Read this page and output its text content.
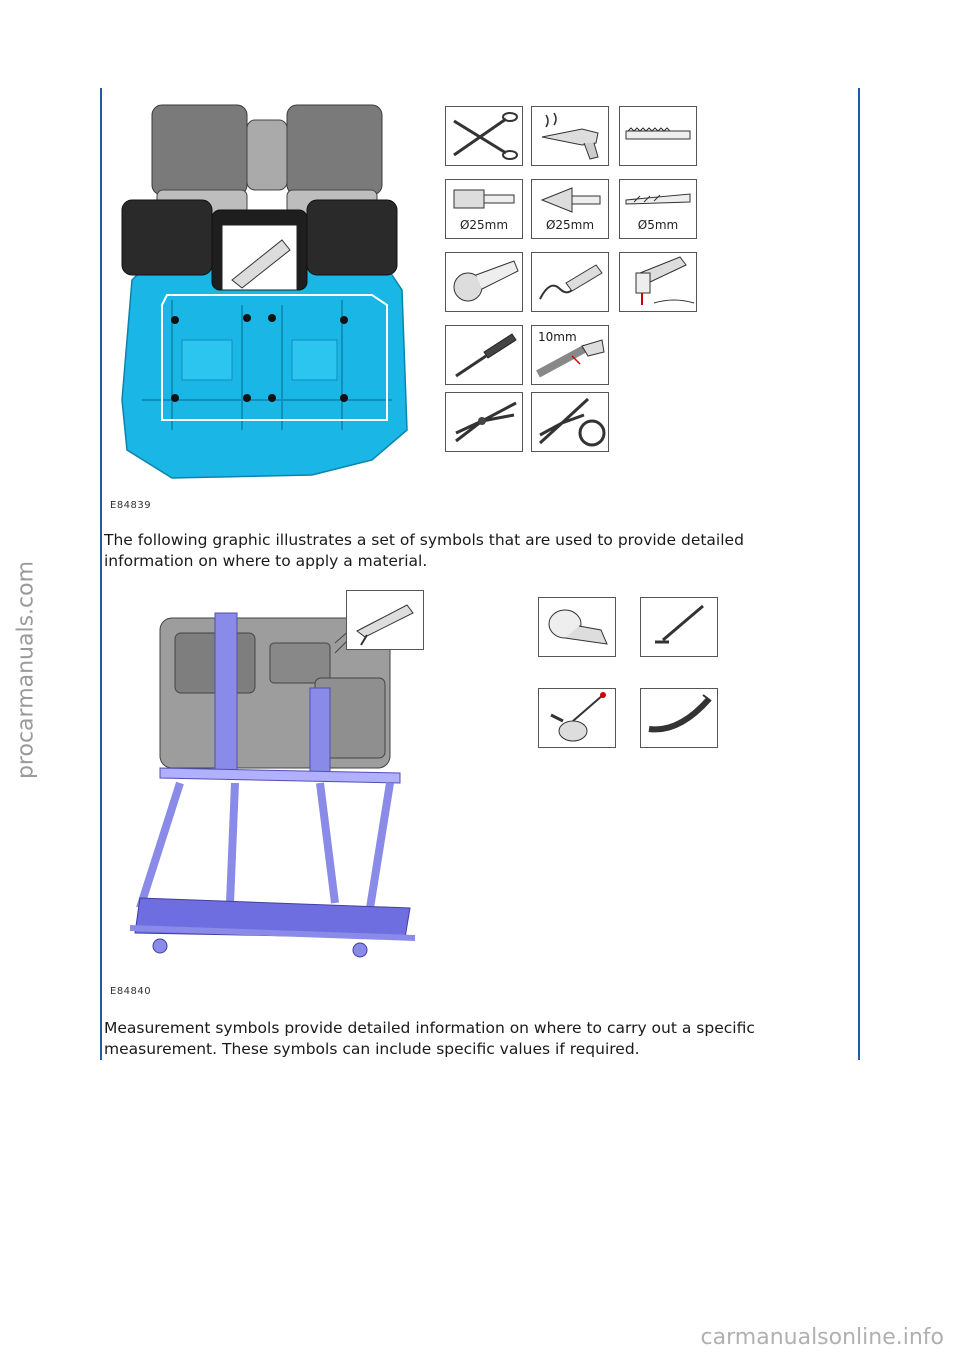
procarmanuals.com
Ø25mm	Ø25mm	Ø5mm
10mm
E84839

The following graphic illustrates a set of symbols that are used to provide detailed
information on where to apply a material.

E84840

Measurement symbols provide detailed information on where to carry out a specific
measurement. These symbols can include specific values if required.

carmanualsonline.info
